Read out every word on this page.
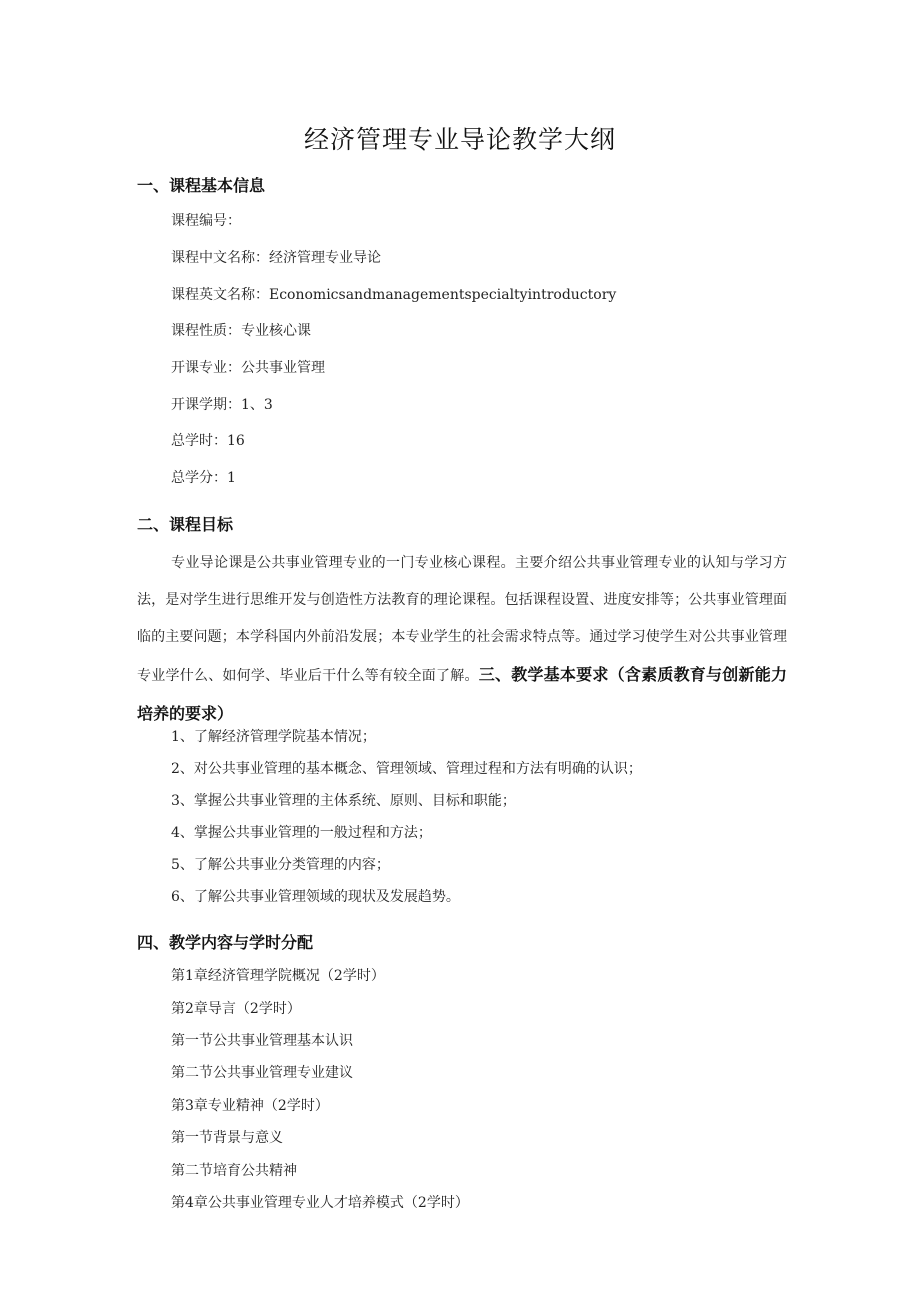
经济管理专业导论教学大纲
一、课程基本信息
课程编号：
课程中文名称：经济管理专业导论
课程英文名称：Economicsandmanagementspecialtyintroductory
课程性质：专业核心课
开课专业：公共事业管理
开课学期：1、3
总学时：16
总学分：1
二、课程目标
专业导论课是公共事业管理专业的一门专业核心课程。主要介绍公共事业管理专业的认知与学习方法，是对学生进行思维开发与创造性方法教育的理论课程。包括课程设置、进度安排等；公共事业管理面临的主要问题；本学科国内外前沿发展；本专业学生的社会需求特点等。通过学习使学生对公共事业管理专业学什么、如何学、毕业后干什么等有较全面了解。三、教学基本要求（含素质教育与创新能力培养的要求）
1、了解经济管理学院基本情况；
2、对公共事业管理的基本概念、管理领域、管理过程和方法有明确的认识；
3、掌握公共事业管理的主体系统、原则、目标和职能；
4、掌握公共事业管理的一般过程和方法；
5、了解公共事业分类管理的内容；
6、了解公共事业管理领域的现状及发展趋势。
四、教学内容与学时分配
第1章经济管理学院概况（2学时）
第2章导言（2学时）
第一节公共事业管理基本认识
第二节公共事业管理专业建议
第3章专业精神（2学时）
第一节背景与意义
第二节培育公共精神
第4章公共事业管理专业人才培养模式（2学时）
